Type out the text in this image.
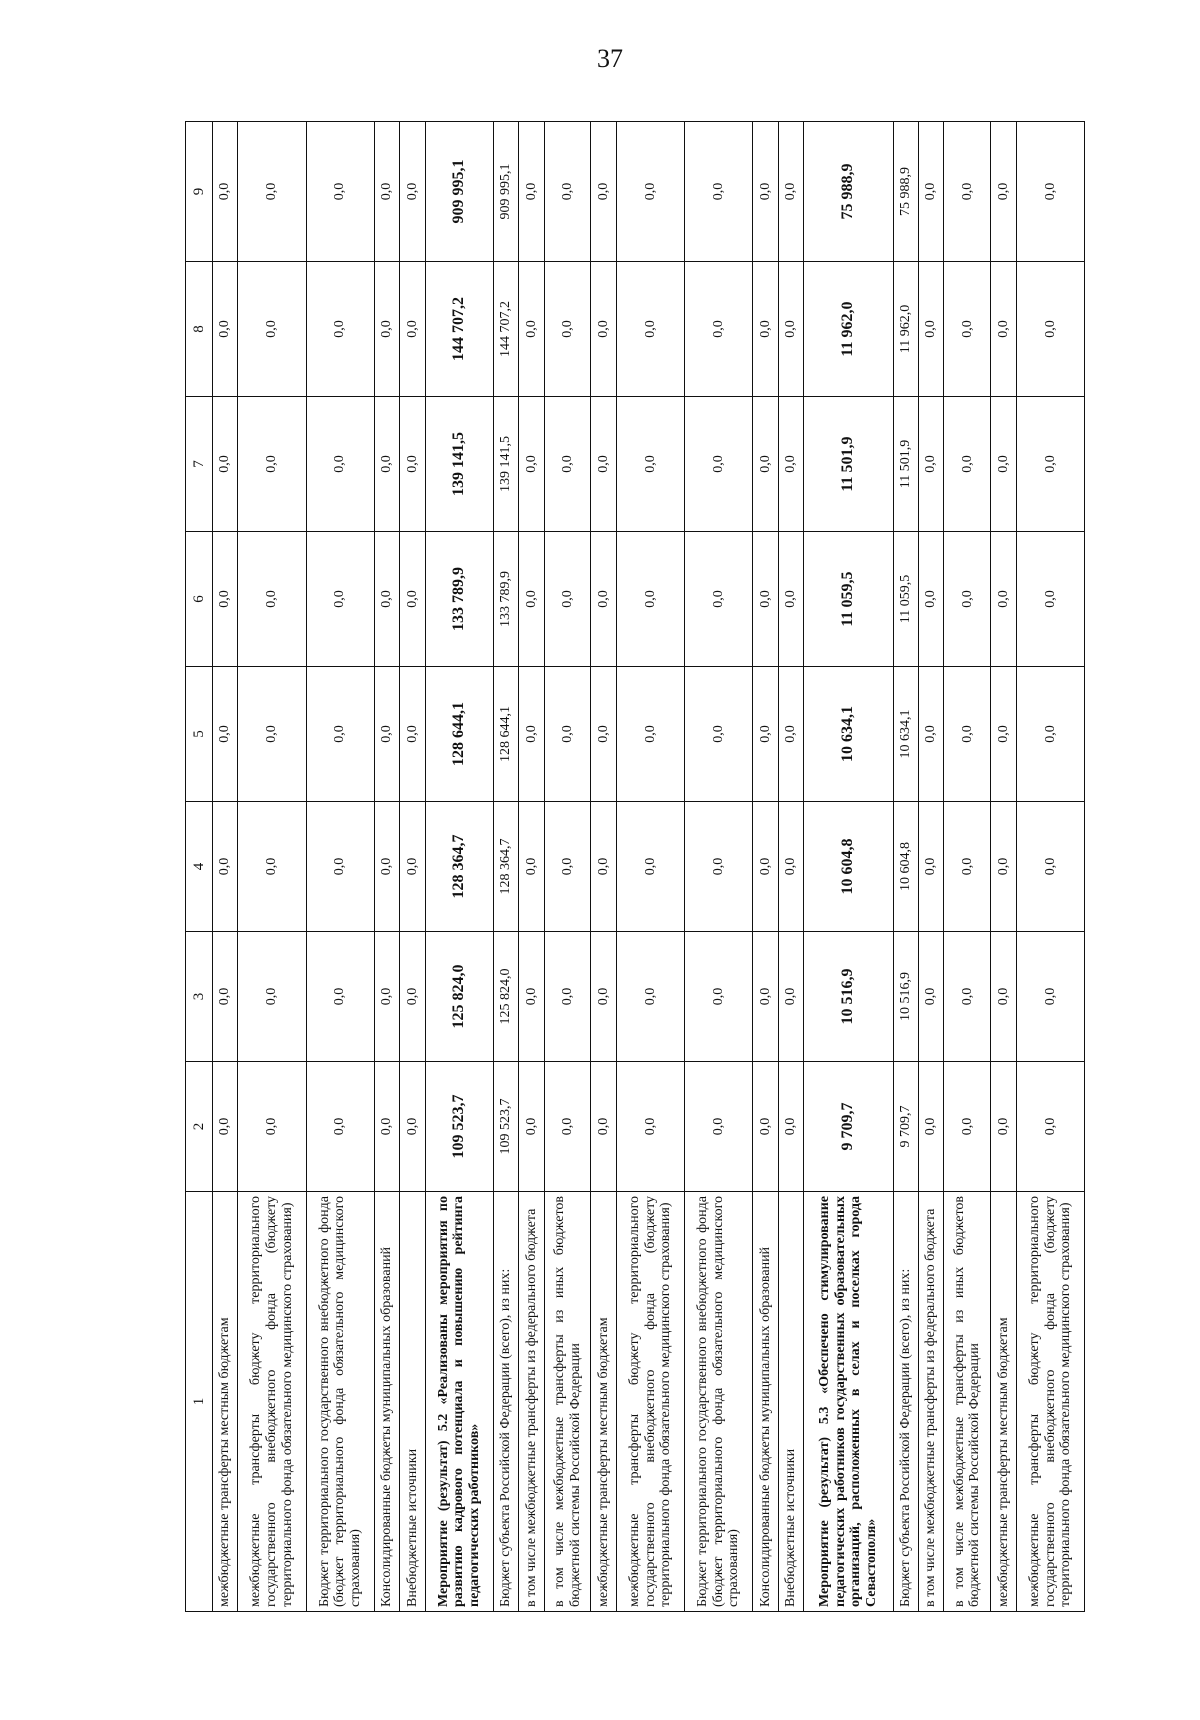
37
1	2	3	4	5	6	7	8	9
межбюджетные трансферты местным бюджетам	0,0	0,0	0,0	0,0	0,0	0,0	0,0	0,0
межбюджетные трансферты бюджету территориального государственного внебюджетного фонда (бюджету территориального фонда обязательного медицинского страхования)	0,0	0,0	0,0	0,0	0,0	0,0	0,0	0,0
Бюджет территориального государственного внебюджетного фонда (бюджет территориального фонда обязательного медицинского страхования)	0,0	0,0	0,0	0,0	0,0	0,0	0,0	0,0
Консолидированные бюджеты муниципальных образований	0,0	0,0	0,0	0,0	0,0	0,0	0,0	0,0
Внебюджетные источники	0,0	0,0	0,0	0,0	0,0	0,0	0,0	0,0
Мероприятие (результат) 5.2 «Реализованы мероприятия по развитию кадрового потенциала и повышению рейтинга педагогических работников»	109 523,7	125 824,0	128 364,7	128 644,1	133 789,9	139 141,5	144 707,2	909 995,1
Бюджет субъекта Российской Федерации (всего), из них:	109 523,7	125 824,0	128 364,7	128 644,1	133 789,9	139 141,5	144 707,2	909 995,1
в том числе межбюджетные трансферты из федерального бюджета	0,0	0,0	0,0	0,0	0,0	0,0	0,0	0,0
в том числе межбюджетные трансферты из иных бюджетов бюджетной системы Российской Федерации	0,0	0,0	0,0	0,0	0,0	0,0	0,0	0,0
межбюджетные трансферты местным бюджетам	0,0	0,0	0,0	0,0	0,0	0,0	0,0	0,0
межбюджетные трансферты бюджету территориального государственного внебюджетного фонда (бюджету территориального фонда обязательного медицинского страхования)	0,0	0,0	0,0	0,0	0,0	0,0	0,0	0,0
Бюджет территориального государственного внебюджетного фонда (бюджет территориального фонда обязательного медицинского страхования)	0,0	0,0	0,0	0,0	0,0	0,0	0,0	0,0
Консолидированные бюджеты муниципальных образований	0,0	0,0	0,0	0,0	0,0	0,0	0,0	0,0
Внебюджетные источники	0,0	0,0	0,0	0,0	0,0	0,0	0,0	0,0
Мероприятие (результат) 5.3 «Обеспечено стимулирование педагогических работников государственных образовательных организаций, расположенных в селах и поселках города Севастополя»	9 709,7	10 516,9	10 604,8	10 634,1	11 059,5	11 501,9	11 962,0	75 988,9
Бюджет субъекта Российской Федерации (всего), из них:	9 709,7	10 516,9	10 604,8	10 634,1	11 059,5	11 501,9	11 962,0	75 988,9
в том числе межбюджетные трансферты из федерального бюджета	0,0	0,0	0,0	0,0	0,0	0,0	0,0	0,0
в том числе межбюджетные трансферты из иных бюджетов бюджетной системы Российской Федерации	0,0	0,0	0,0	0,0	0,0	0,0	0,0	0,0
межбюджетные трансферты местным бюджетам	0,0	0,0	0,0	0,0	0,0	0,0	0,0	0,0
межбюджетные трансферты бюджету территориального государственного внебюджетного фонда (бюджету территориального фонда обязательного медицинского страхования)	0,0	0,0	0,0	0,0	0,0	0,0	0,0	0,0
